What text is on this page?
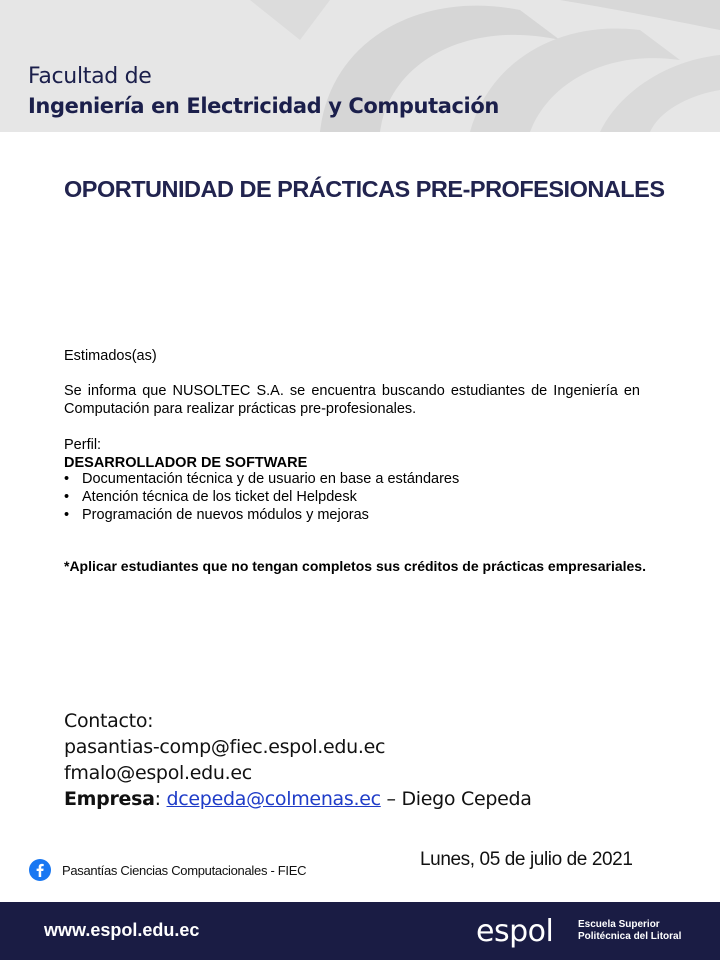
Facultad de
Ingeniería en Electricidad y Computación
OPORTUNIDAD DE PRÁCTICAS PRE-PROFESIONALES
Estimados(as)
Se informa que NUSOLTEC S.A. se encuentra buscando estudiantes de Ingeniería en Computación para realizar prácticas pre-profesionales.
Perfil:
DESARROLLADOR DE SOFTWARE
• Documentación técnica y de usuario en base a estándares
• Atención técnica de los ticket del Helpdesk
• Programación de nuevos módulos y mejoras
*Aplicar estudiantes que no tengan completos sus créditos de prácticas empresariales.
Contacto:
pasantias-comp@fiec.espol.edu.ec
fmalo@espol.edu.ec
Empresa: dcepeda@colmenas.ec – Diego Cepeda
Pasantías Ciencias Computacionales - FIEC
Lunes, 05 de julio de 2021
www.espol.edu.ec	espol Escuela Superior
Politécnica del Litoral
